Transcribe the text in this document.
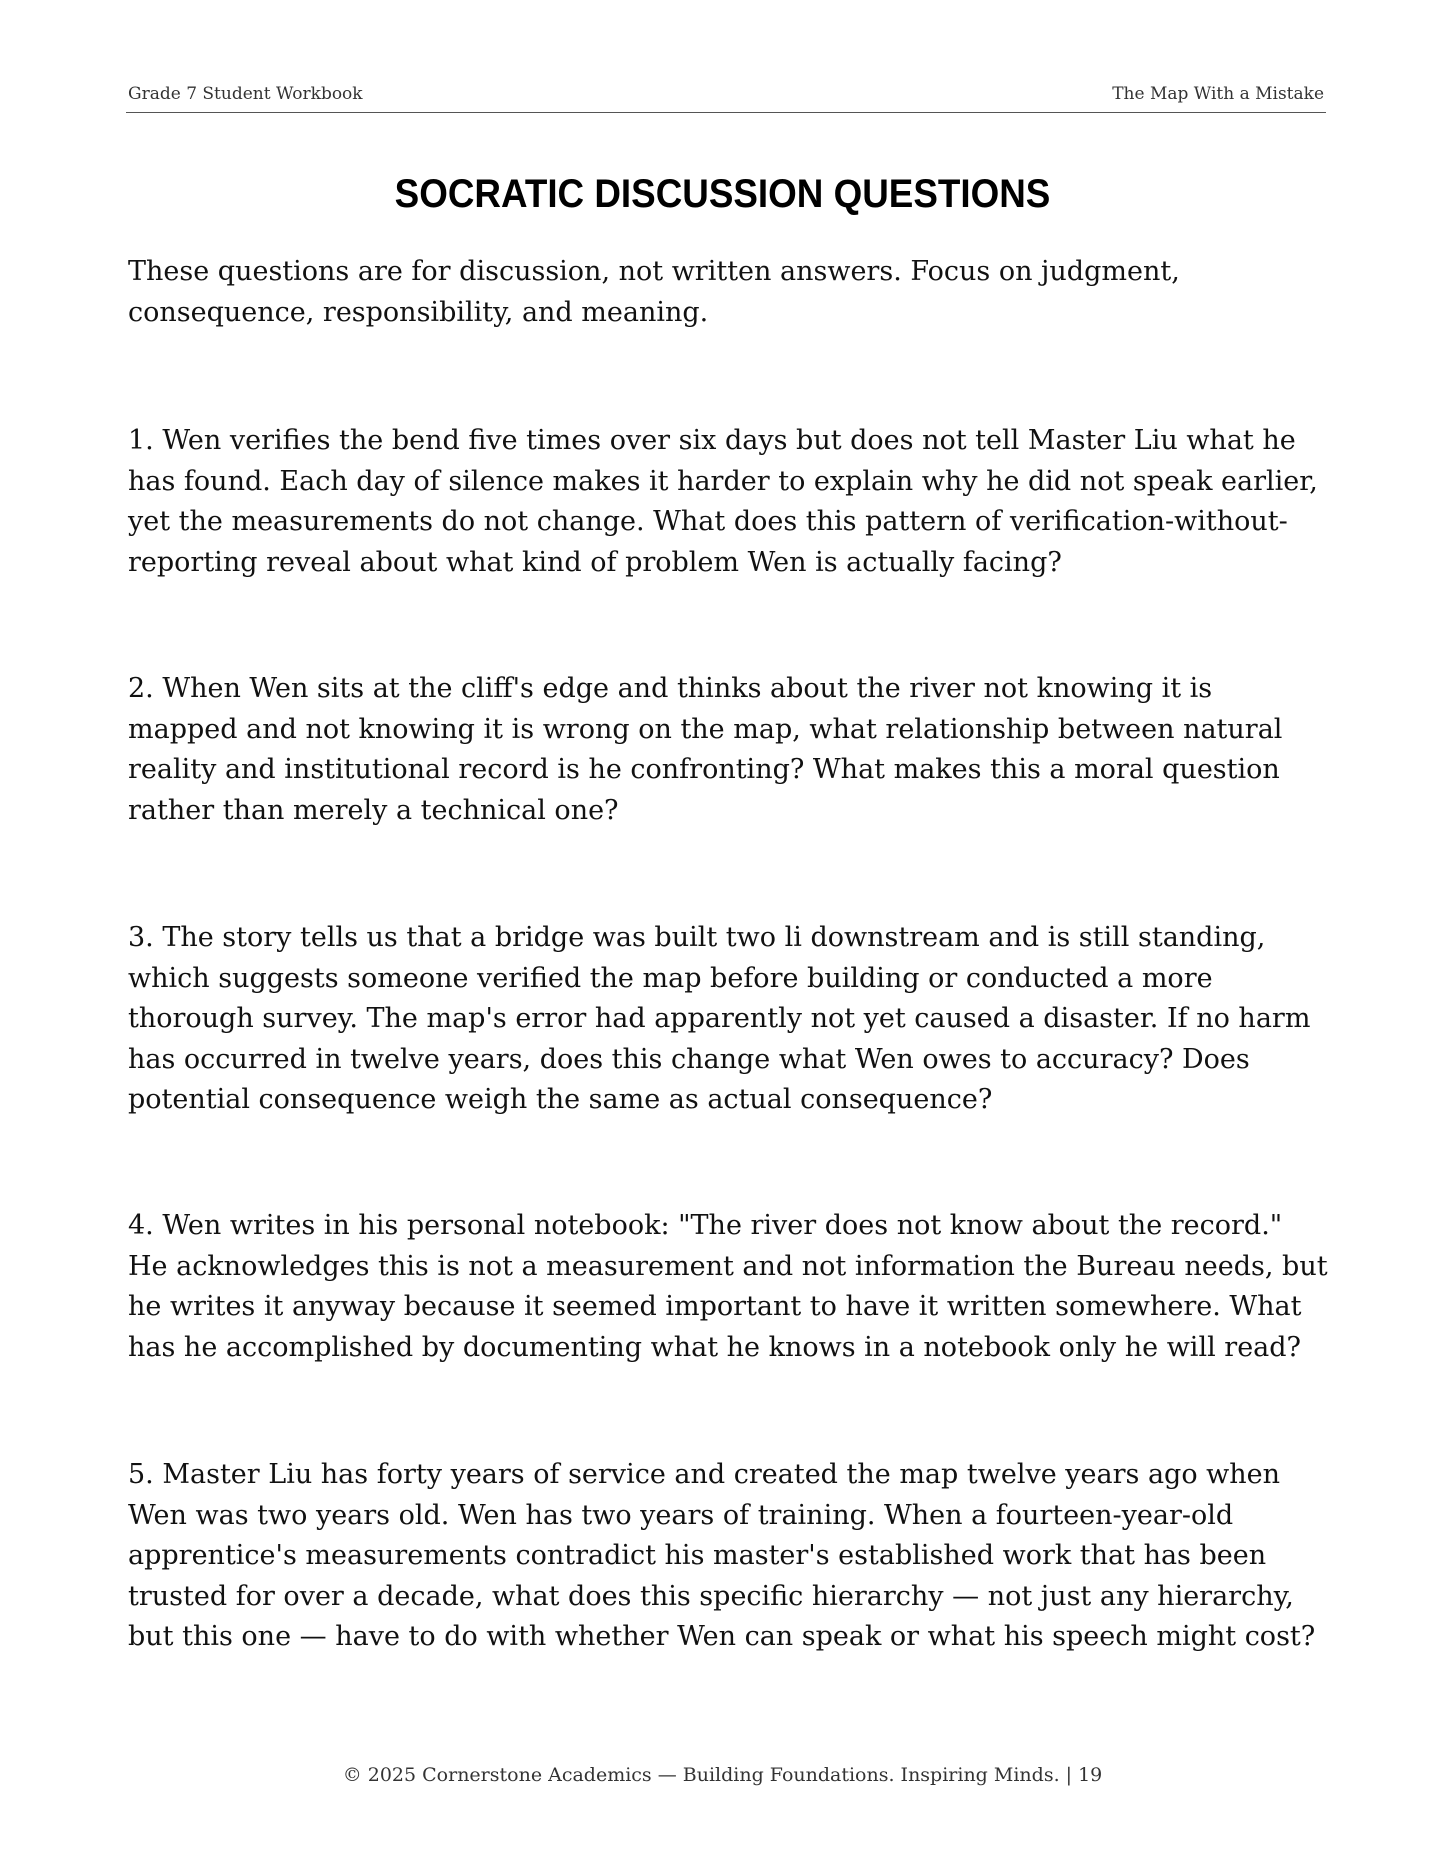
Grade 7 Student Workbook	The Map With a Mistake
SOCRATIC DISCUSSION QUESTIONS
These questions are for discussion, not written answers. Focus on judgment, consequence, responsibility, and meaning.
1. Wen verifies the bend five times over six days but does not tell Master Liu what he has found. Each day of silence makes it harder to explain why he did not speak earlier, yet the measurements do not change. What does this pattern of verification-without-reporting reveal about what kind of problem Wen is actually facing?
2. When Wen sits at the cliff's edge and thinks about the river not knowing it is mapped and not knowing it is wrong on the map, what relationship between natural reality and institutional record is he confronting? What makes this a moral question rather than merely a technical one?
3. The story tells us that a bridge was built two li downstream and is still standing, which suggests someone verified the map before building or conducted a more thorough survey. The map's error had apparently not yet caused a disaster. If no harm has occurred in twelve years, does this change what Wen owes to accuracy? Does potential consequence weigh the same as actual consequence?
4. Wen writes in his personal notebook: "The river does not know about the record." He acknowledges this is not a measurement and not information the Bureau needs, but he writes it anyway because it seemed important to have it written somewhere. What has he accomplished by documenting what he knows in a notebook only he will read?
5. Master Liu has forty years of service and created the map twelve years ago when Wen was two years old. Wen has two years of training. When a fourteen-year-old apprentice's measurements contradict his master's established work that has been trusted for over a decade, what does this specific hierarchy — not just any hierarchy, but this one — have to do with whether Wen can speak or what his speech might cost?
© 2025 Cornerstone Academics — Building Foundations. Inspiring Minds. | 19
